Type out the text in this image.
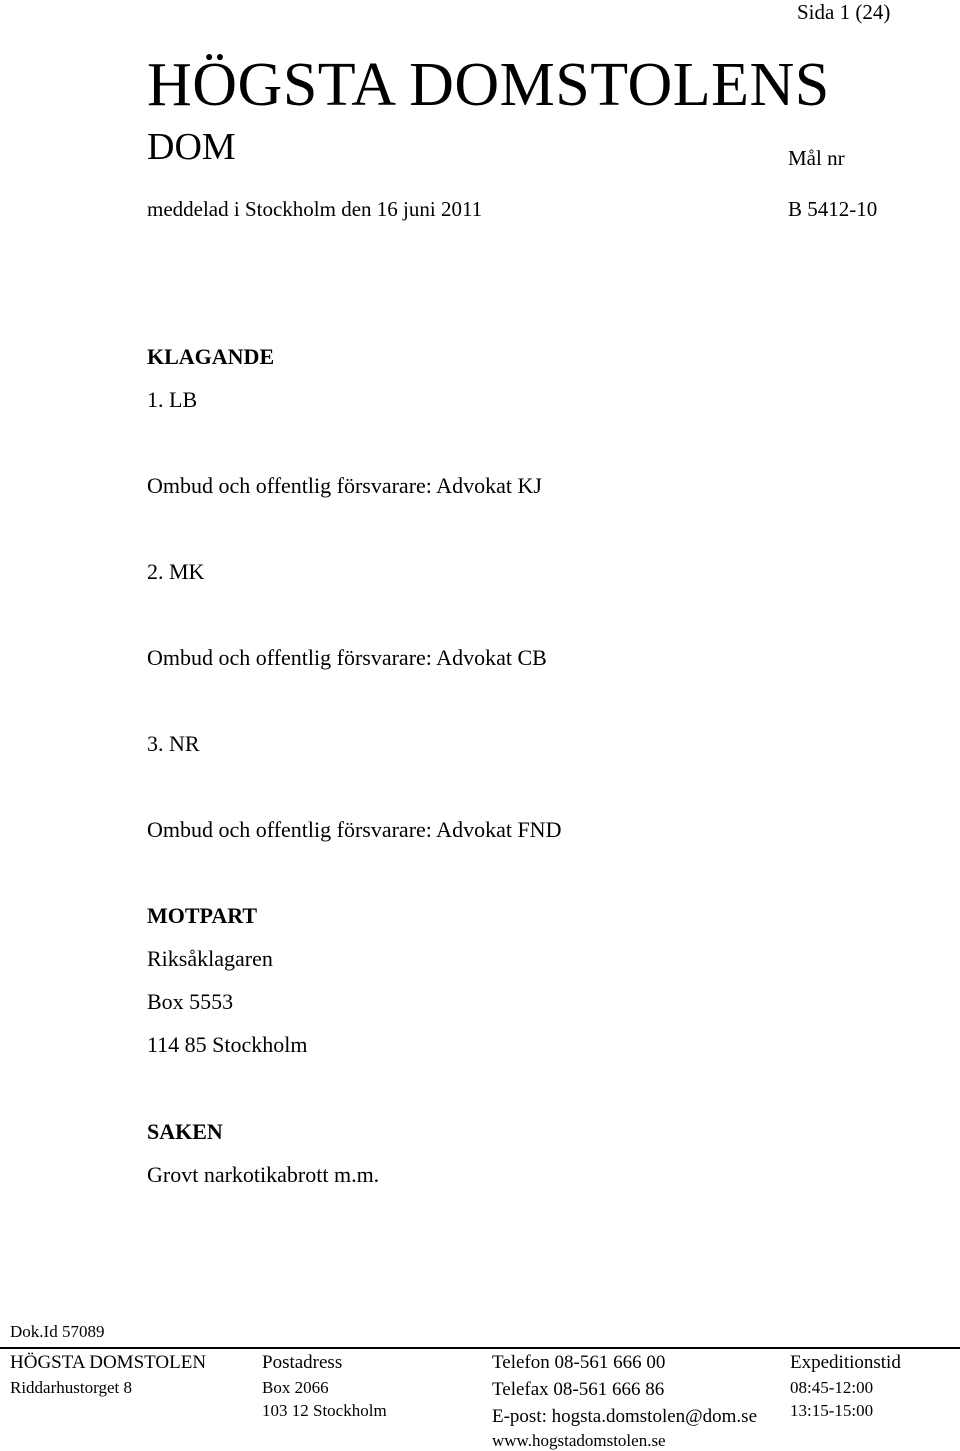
Sida 1 (24)
HÖGSTA DOMSTOLENS
DOM	Mål nr
meddelad i Stockholm den 16 juni 2011	B 5412-10
KLAGANDE
1. LB
Ombud och offentlig försvarare: Advokat KJ
2. MK
Ombud och offentlig försvarare: Advokat CB
3. NR
Ombud och offentlig försvarare: Advokat FND
MOTPART
Riksåklagaren
Box 5553
114 85 Stockholm
SAKEN
Grovt narkotikabrott m.m.
Dok.Id 57089
HÖGSTA DOMSTOLEN
Riddarhustorget 8
Postadress
Box 2066
103 12 Stockholm
Telefon 08-561 666 00
Telefax 08-561 666 86
E-post: hogsta.domstolen@dom.se
www.hogstadomstolen.se
Expeditionstid
08:45-12:00
13:15-15:00
